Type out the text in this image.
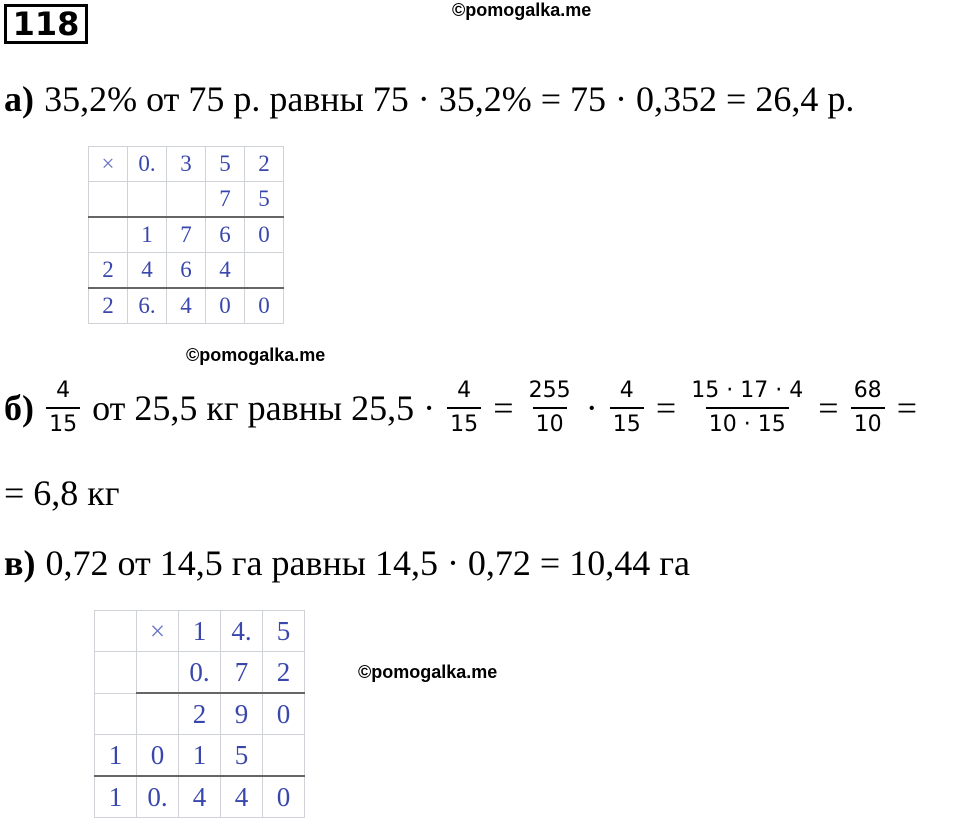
118	©pomogalka.me
а) 35,2% от 75 р. равны 75 · 35,2% = 75 · 0,352 = 26,4 р.
×	0.	3	5	2
			7	5
	1	7	6	0
2	4	6	4	
2	6.	4	0	0
©pomogalka.me
$б) \frac{4}{15}$ от 25,5 кг равны $25,5 \cdot \frac{4}{15} = \frac{255}{10} \cdot \frac{4}{15} = \frac{15 \cdot 17 \cdot 4}{10 \cdot 15} = \frac{68}{10}$ =
= 6,8 кг
в) 0,72 от 14,5 га равны 14,5 · 0,72 = 10,44 га
	×	1	4.	5
		0.	7	2
		2	9	0
1	0	1	5	
1	0.	4	4	0
©pomogalka.me
